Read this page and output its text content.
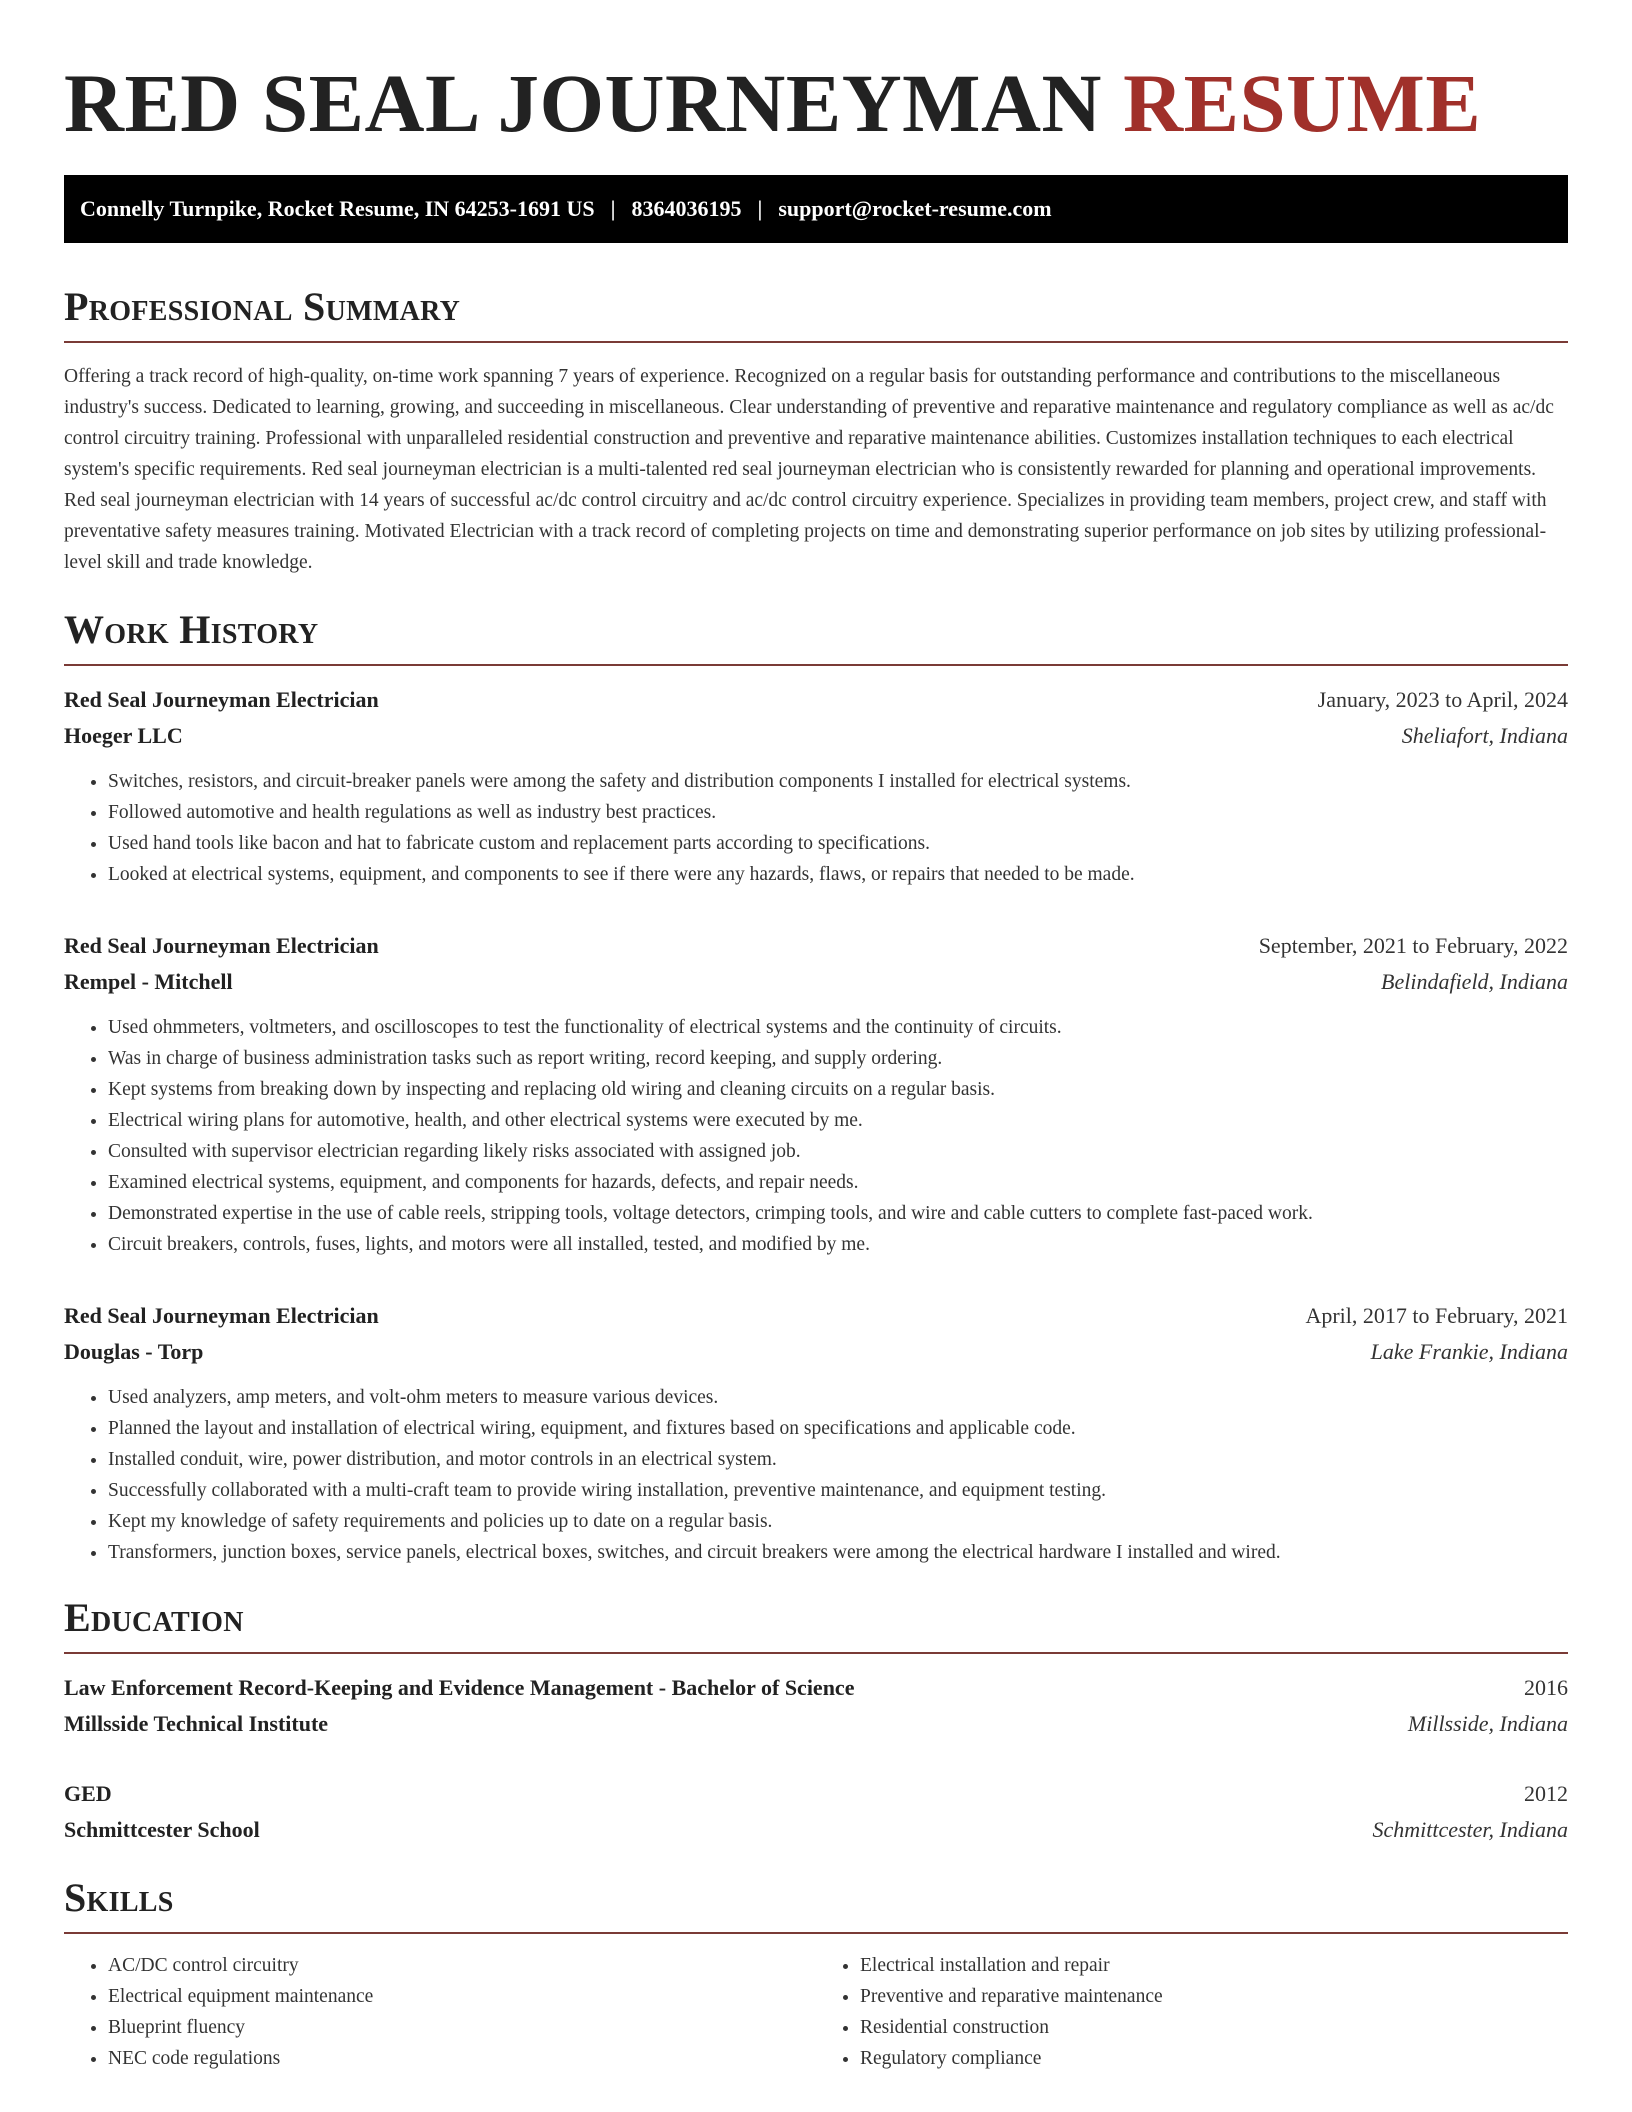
RED SEAL JOURNEYMAN RESUME
Connelly Turnpike, Rocket Resume, IN 64253-1691 US | 8364036195 | support@rocket-resume.com
Professional Summary

Offering a track record of high-quality, on-time work spanning 7 years of experience. Recognized on a regular basis for outstanding performance and contributions to the miscellaneous industry's success. Dedicated to learning, growing, and succeeding in miscellaneous. Clear understanding of preventive and reparative maintenance and regulatory compliance as well as ac/dc control circuitry training. Professional with unparalleled residential construction and preventive and reparative maintenance abilities. Customizes installation techniques to each electrical system's specific requirements. Red seal journeyman electrician is a multi-talented red seal journeyman electrician who is consistently rewarded for planning and operational improvements. Red seal journeyman electrician with 14 years of successful ac/dc control circuitry and ac/dc control circuitry experience. Specializes in providing team members, project crew, and staff with preventative safety measures training. Motivated Electrician with a track record of completing projects on time and demonstrating superior performance on job sites by utilizing professional-level skill and trade knowledge.

Work History
Red Seal Journeyman Electrician	January, 2023 to April, 2024
Hoeger LLC	Sheliafort, Indiana
• Switches, resistors, and circuit-breaker panels were among the safety and distribution components I installed for electrical systems.
• Followed automotive and health regulations as well as industry best practices.
• Used hand tools like bacon and hat to fabricate custom and replacement parts according to specifications.
• Looked at electrical systems, equipment, and components to see if there were any hazards, flaws, or repairs that needed to be made.
Red Seal Journeyman Electrician	September, 2021 to February, 2022
Rempel - Mitchell	Belindafield, Indiana
• Used ohmmeters, voltmeters, and oscilloscopes to test the functionality of electrical systems and the continuity of circuits.
• Was in charge of business administration tasks such as report writing, record keeping, and supply ordering.
• Kept systems from breaking down by inspecting and replacing old wiring and cleaning circuits on a regular basis.
• Electrical wiring plans for automotive, health, and other electrical systems were executed by me.
• Consulted with supervisor electrician regarding likely risks associated with assigned job.
• Examined electrical systems, equipment, and components for hazards, defects, and repair needs.
• Demonstrated expertise in the use of cable reels, stripping tools, voltage detectors, crimping tools, and wire and cable cutters to complete fast-paced work.
• Circuit breakers, controls, fuses, lights, and motors were all installed, tested, and modified by me.
Red Seal Journeyman Electrician	April, 2017 to February, 2021
Douglas - Torp	Lake Frankie, Indiana
• Used analyzers, amp meters, and volt-ohm meters to measure various devices.
• Planned the layout and installation of electrical wiring, equipment, and fixtures based on specifications and applicable code.
• Installed conduit, wire, power distribution, and motor controls in an electrical system.
• Successfully collaborated with a multi-craft team to provide wiring installation, preventive maintenance, and equipment testing.
• Kept my knowledge of safety requirements and policies up to date on a regular basis.
• Transformers, junction boxes, service panels, electrical boxes, switches, and circuit breakers were among the electrical hardware I installed and wired.
Education
Law Enforcement Record-Keeping and Evidence Management - Bachelor of Science	2016
Millsside Technical Institute	Millsside, Indiana
GED	2012
Schmittcester School	Schmittcester, Indiana
Skills
• AC/DC control circuitry
• Electrical equipment maintenance
• Blueprint fluency
• NEC code regulations
• Electrical installation and repair
• Preventive and reparative maintenance
• Residential construction
• Regulatory compliance
